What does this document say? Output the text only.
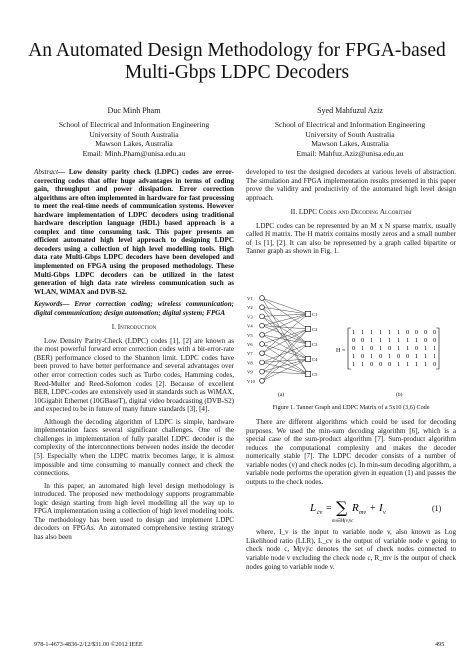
An Automated Design Methodology for FPGA-based
Multi-Gbps LDPC Decoders
Duc Minh Pham
School of Electrical and Information Engineering
University of South Australia
Mawson Lakes, Australia
Email: Minh.Pham@unisa.edu.au
Syed Mahfuzul Aziz
School of Electrical and Information Engineering
University of South Australia
Mawson Lakes, Australia
Email: Mahfuz.Aziz@unisa.edu.au

Abstract— Low density parity check (LDPC) codes are error-correcting codes that offer huge advantages in terms of coding gain, throughput and power dissipation. Error correction algorithms are often implemented in hardware for fast processing to meet the real-time needs of communication systems. However hardware implementation of LDPC decoders using traditional hardware description language (HDL) based approach is a complex and time consuming task. This paper presents an efficient automated high level approach to designing LDPC decoders using a collection of high level modelling tools. High data rate Multi-Gbps LDPC decoders have been developed and implemented on FPGA using the proposed methodology. These Multi-Gbps LDPC decoders can be utilized in the latest generation of high data rate wireless communication such as WLAN, WiMAX and DVB-S2.

Keywords— Error correction coding; wireless communication; digital communication; design automation; digital system; FPGA

I. Introduction

Low Density Parity-Check (LDPC) codes [1], [2] are known as the most powerful forward error correction codes with a bit-error-rate (BER) performance closed to the Shannon limit. LDPC codes have been proved to have better performance and several advantages over other error correction codes such as Turbo codes, Hamming codes, Reed-Muller and Reed-Solomon codes [2]. Because of excellent BER, LDPC-codes are extensively used in standards such as WiMAX, 10Gigabit Ethernet (10GBaseT), digital video broadcasting (DVB-S2) and expected to be in future of many future standards [3], [4].

Although the decoding algorithm of LDPC is simple, hardware implementation faces several significant challenges. One of the challenges in implementation of fully parallel LDPC decoder is the complexity of the interconnections between nodes inside the decoder [5]. Especially when the LDPC matrix becomes large, it is almost impossible and time consuming to manually connect and check the connections.

In this paper, an automated high level design methodology is introduced. The proposed new methodology supports programmable logic design starting from high level modelling all the way up to FPGA implementation using a collection of high level modeling tools. The methodology has been used to design and implement LDPC decoders on FPGAs. An automated comprehensive testing strategy has also been

developed to test the designed decoders at various levels of abstraction. The simulation and FPGA implementation results presented in this paper prove the validity and productivity of the automated high level design approach.

II. LDPC Codes and Decoding Algorithm

LDPC codes can be represented by an M x N sparse matrix, usually called H matrix. The H matrix contains mostly zeros and a small number of 1s [1], [2]. It can also be represented by a graph called bipartite or Tanner graph as shown in Fig. 1.

V1
V2
V3
V4
V5
V6
V7
V8
V9
V10
C1
C2
C3
C4
C5
(a)
H =
1 1 1 1 1 1 0 0 0 0
0 0 1 1 1 1 1 1 0 0
0 1 0 1 0 1 1 0 1 1
1 0 1 0 1 0 0 1 1 1
1 1 0 0 0 1 1 1 1 0
(b)
Figure 1. Tanner Graph and LDPC Matrix of a 5x10 (3,6) Code

There are different algorithms which could be used for decoding purposes. We used the min-sum decoding algorithm [6], which is a special case of the sum-product algorithm [7]. Sum-product algorithm reduces the computational complexity and makes the decoder numerically stable [7]. The LDPC decoder consists of a number of variable nodes (v) and check nodes (c). In min-sum decoding algorithm, a variable node performs the operation given in equation (1) and passes the outputs to the check nodes.

L cv = ∑
m∈M(v)\c
R mv + I v	(1)

where, I_v is the input to variable node v, also known as Log Likelihood ratio (LLR), L_cv is the output of variable node v going to check node c, M(v)\c denotes the set of check nodes connected to variable node v excluding the check node c, R_mv is the output of check nodes going to variable node v.

978-1-4673-4836-2/12/$31.00 ©2012 IEEE	495
